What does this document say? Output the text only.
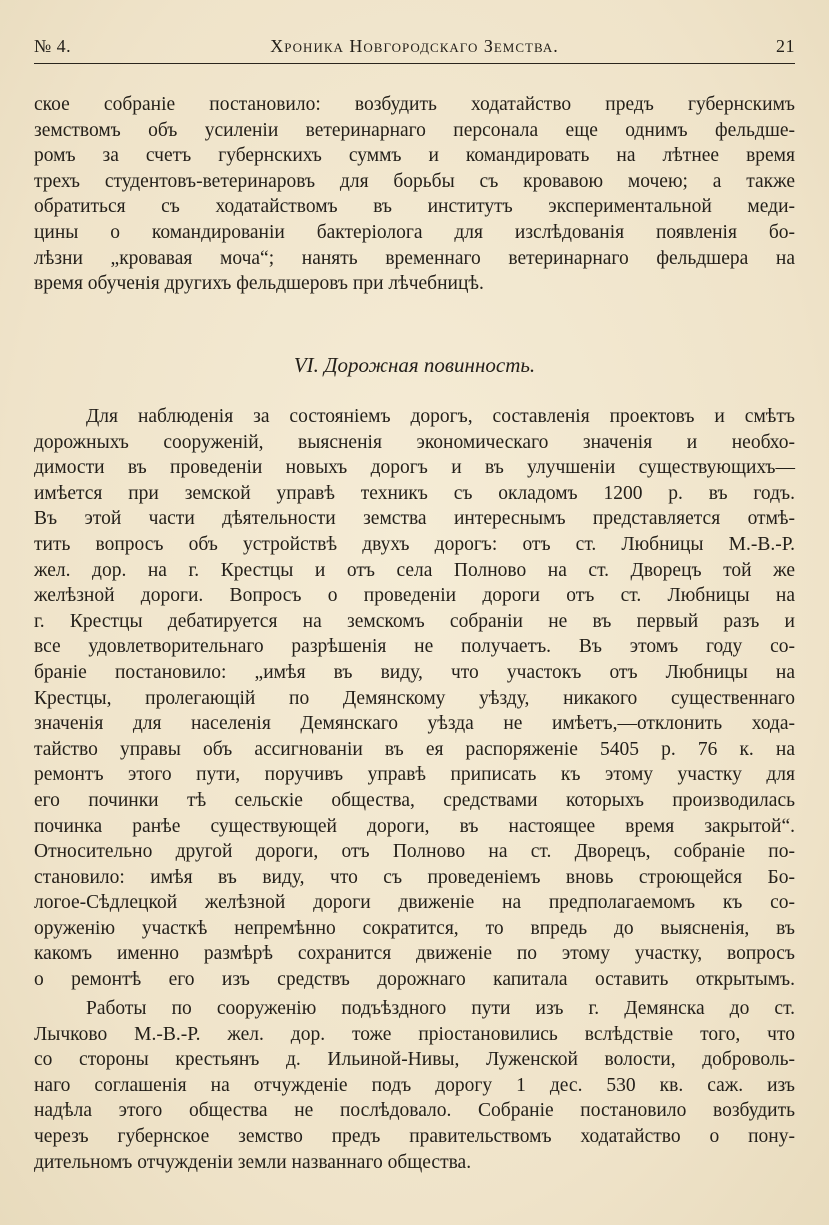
№ 4.	Хроника Новгородскаго Земства.	21
ское собраніе постановило: возбудить ходатайство предъ губернскимъ
земствомъ объ усиленіи ветеринарнаго персонала еще однимъ фельдше-
ромъ за счетъ губернскихъ суммъ и командировать на лѣтнее время
трехъ студентовъ-ветеринаровъ для борьбы съ кровавою мочею; а также
обратиться съ ходатайствомъ въ институтъ экспериментальной меди-
цины о командированіи бактеріолога для изслѣдованія появленія бо-
лѣзни „кровавая моча“; нанять временнаго ветеринарнаго фельдшера на
время обученія другихъ фельдшеровъ при лѣчебницѣ.
VI. Дорожная повинность.
Для наблюденія за состояніемъ дорогъ, составленія проектовъ и смѣтъ
дорожныхъ сооруженій, выясненія экономическаго значенія и необхо-
димости въ проведеніи новыхъ дорогъ и въ улучшеніи существующихъ—
имѣется при земской управѣ техникъ съ окладомъ 1200 р. въ годъ.
Въ этой части дѣятельности земства интереснымъ представляется отмѣ-
тить вопросъ объ устройствѣ двухъ дорогъ: отъ ст. Любницы М.-В.-Р.
жел. дор. на г. Крестцы и отъ села Полново на ст. Дворецъ той же
желѣзной дороги. Вопросъ о проведеніи дороги отъ ст. Любницы на
г. Крестцы дебатируется на земскомъ собраніи не въ первый разъ и
все удовлетворительнаго разрѣшенія не получаетъ. Въ этомъ году со-
браніе постановило: „имѣя въ виду, что участокъ отъ Любницы на
Крестцы, пролегающій по Демянскому уѣзду, никакого существеннаго
значенія для населенія Демянскаго уѣзда не имѣетъ,—отклонить хода-
тайство управы объ ассигнованіи въ ея распоряженіе 5405 р. 76 к. на
ремонтъ этого пути, поручивъ управѣ приписать къ этому участку для
его починки тѣ сельскіе общества, средствами которыхъ производилась
починка ранѣе существующей дороги, въ настоящее время закрытой“.
Относительно другой дороги, отъ Полново на ст. Дворецъ, собраніе по-
становило: имѣя въ виду, что съ проведеніемъ вновь строющейся Бо-
логое-Сѣдлецкой желѣзной дороги движеніе на предполагаемомъ къ со-
оруженію участкѣ непремѣнно сократится, то впредь до выясненія, въ
какомъ именно размѣрѣ сохранится движеніе по этому участку, вопросъ
о ремонтѣ его изъ средствъ дорожнаго капитала оставить открытымъ.
Работы по сооруженію подъѣздного пути изъ г. Демянска до ст.
Лычково М.-В.-Р. жел. дор. тоже пріостановились вслѣдствіе того, что
со стороны крестьянъ д. Ильиной-Нивы, Луженской волости, доброволь-
наго соглашенія на отчужденіе подъ дорогу 1 дес. 530 кв. саж. изъ
надѣла этого общества не послѣдовало. Собраніе постановило возбудить
черезъ губернское земство предъ правительствомъ ходатайство о пону-
дительномъ отчужденіи земли названнаго общества.
